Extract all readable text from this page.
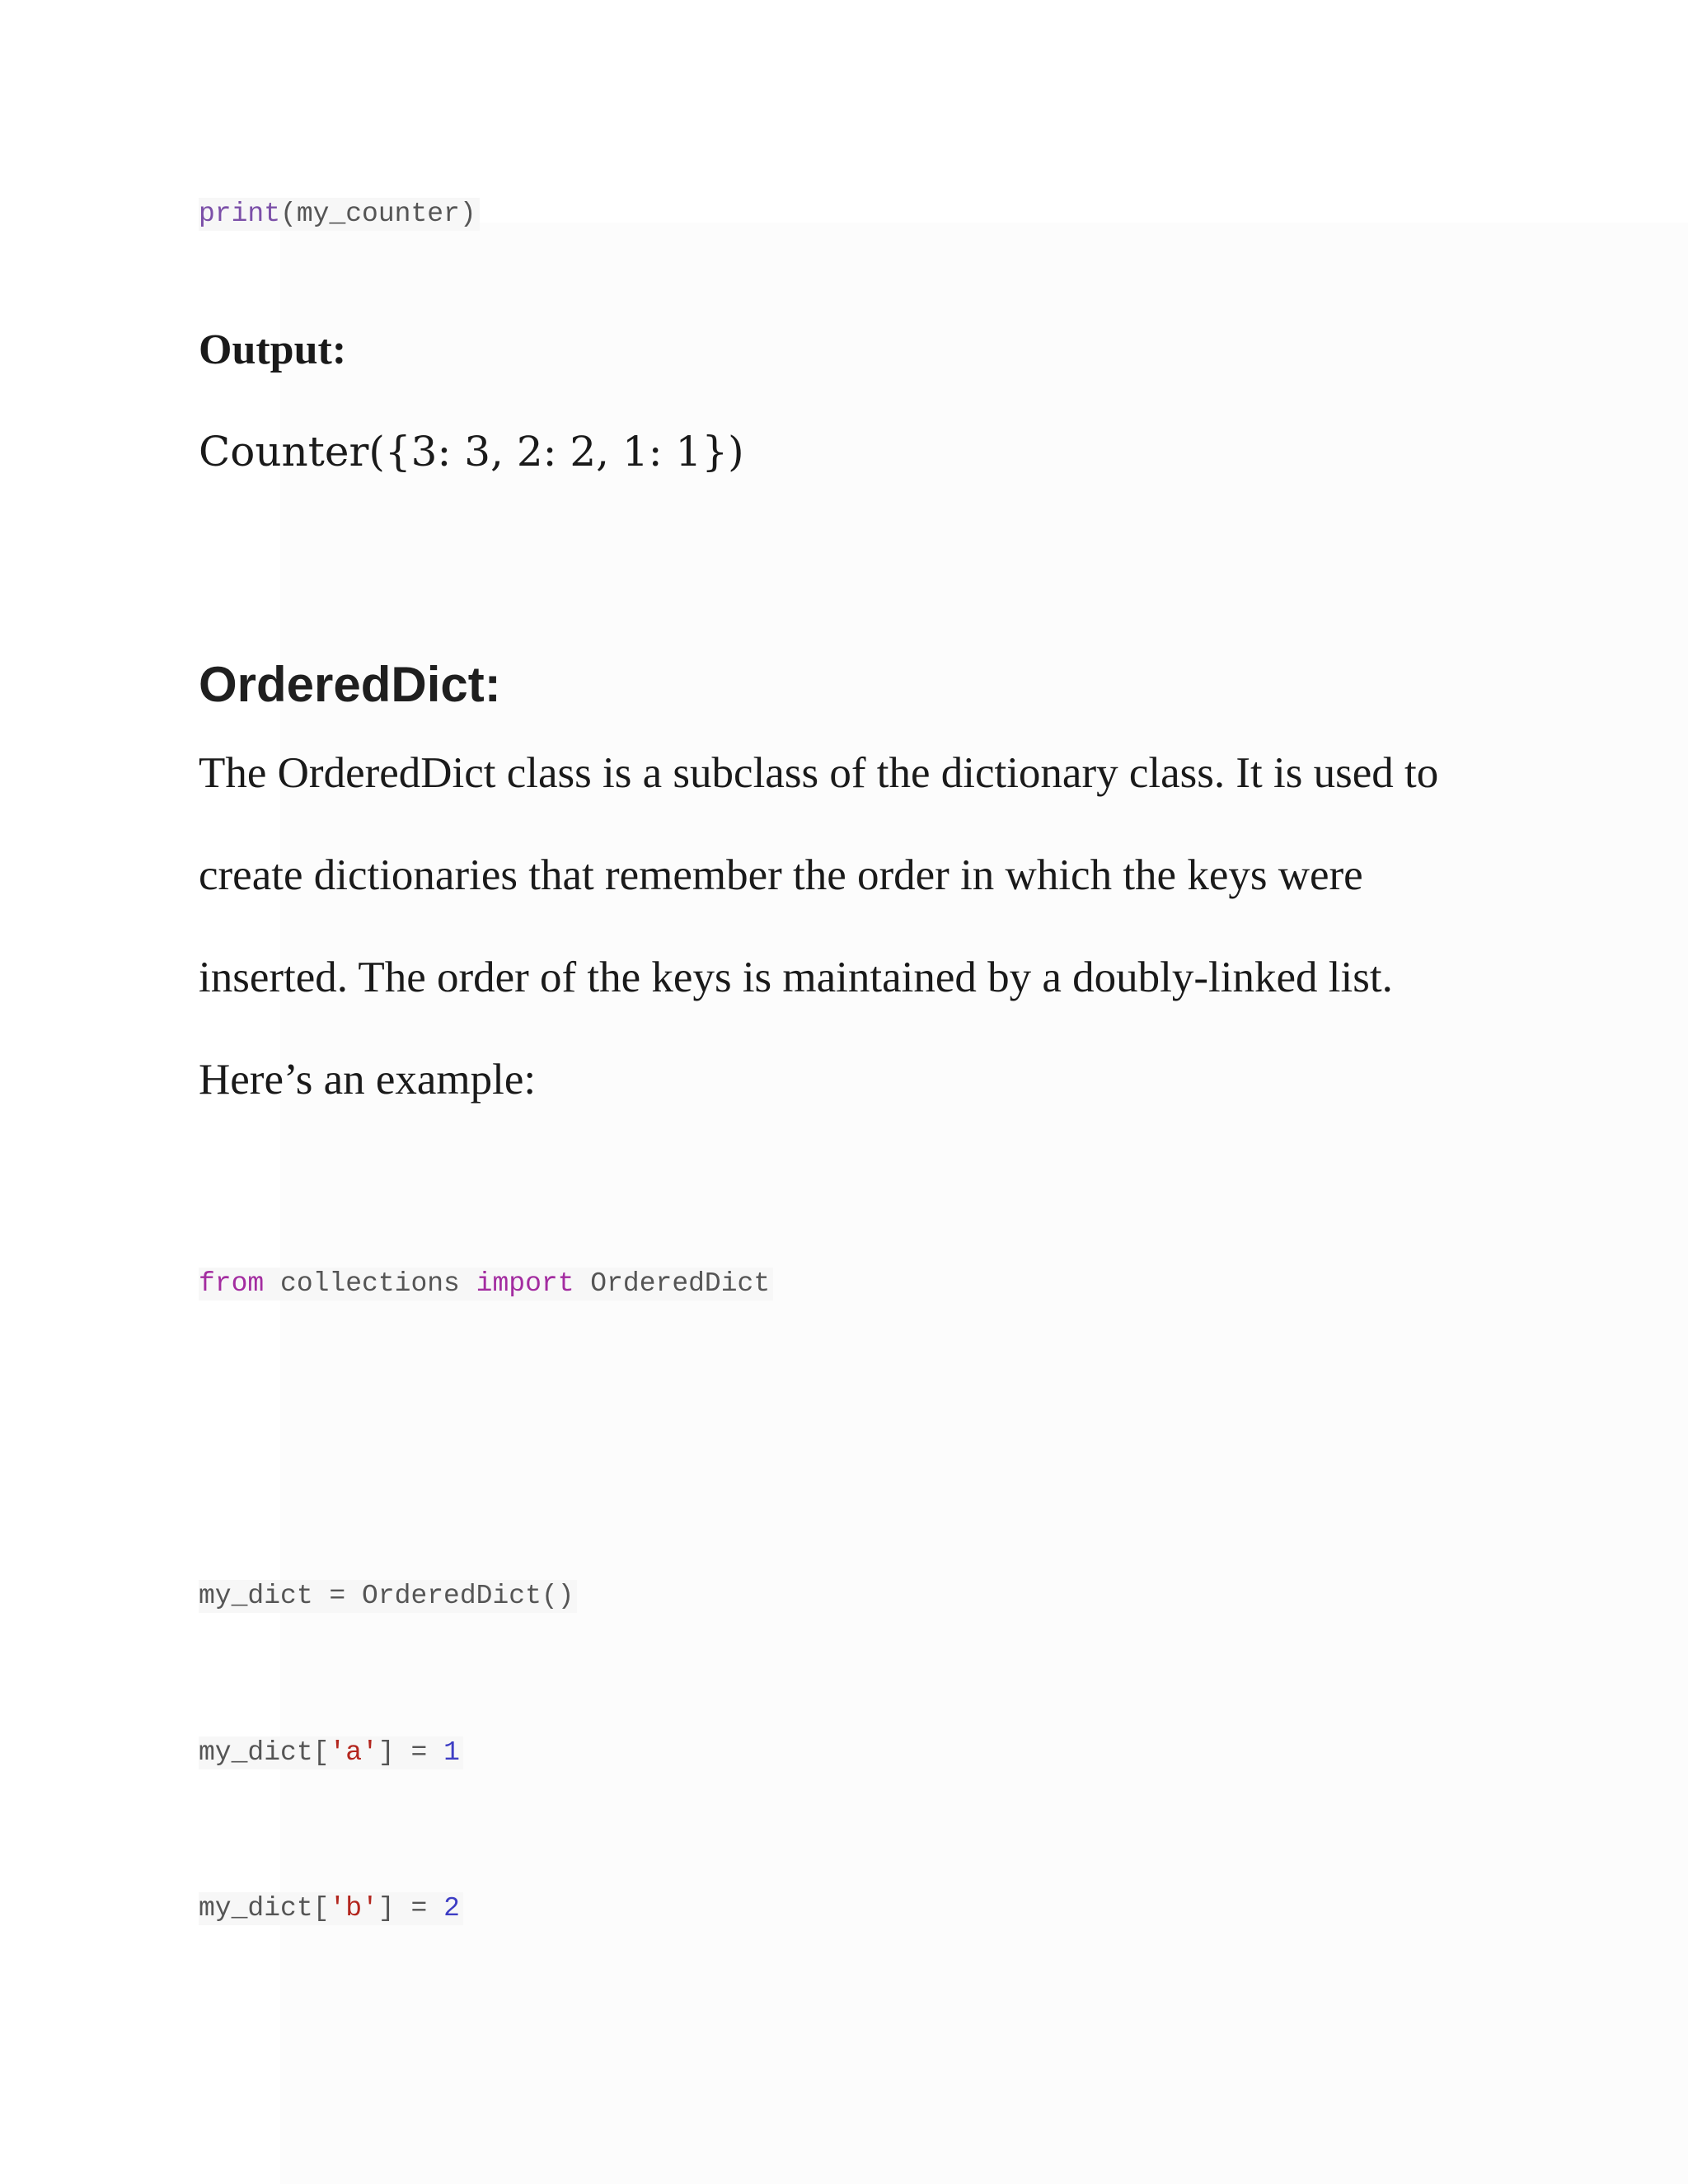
print(my_counter)
Output:
Counter({3: 3, 2: 2, 1: 1})
OrderedDict:
The OrderedDict class is a subclass of the dictionary class. It is used to
create dictionaries that remember the order in which the keys were
inserted. The order of the keys is maintained by a doubly-linked list.
Here’s an example:
from collections import OrderedDict
my_dict = OrderedDict()
my_dict['a'] = 1
my_dict['b'] = 2
